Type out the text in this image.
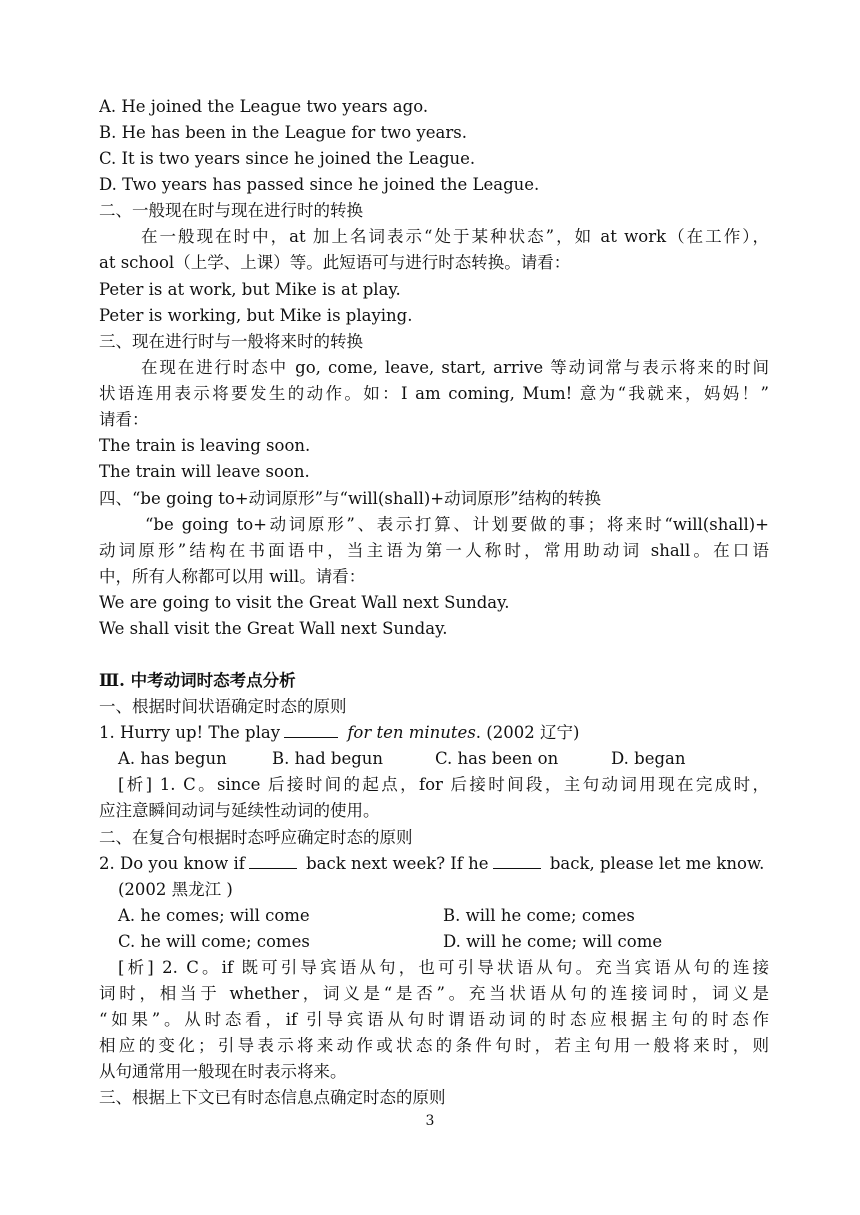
A. He joined the League two years ago.
B. He has been in the League for two years.
C. It is two years since he joined the League.
D. Two years has passed since he joined the League.
二、一般现在时与现在进行时的转换
在一般现在时中，at 加上名词表示“处于某种状态”，如 at work（在工作），
at school（上学、上课）等。此短语可与进行时态转换。请看：
Peter is at work, but Mike is at play.
Peter is working, but Mike is playing.
三、现在进行时与一般将来时的转换
在现在进行时态中 go, come, leave, start, arrive 等动词常与表示将来的时间
状语连用表示将要发生的动作。如：I am coming, Mum! 意为“我就来，妈妈！”
请看：
The train is leaving soon.
The train will leave soon.
四、“be going to+动词原形”与“will(shall)+动词原形”结构的转换
“be going to+动词原形”、表示打算、计划要做的事；将来时“will(shall)+
动词原形”结构在书面语中，当主语为第一人称时，常用助动词 shall。在口语
中，所有人称都可以用 will。请看：
We are going to visit the Great Wall next Sunday.
We shall visit the Great Wall next Sunday.
Ⅲ. 中考动词时态考点分析
一、根据时间状语确定时态的原则
1. Hurry up! The play	for ten minutes. (2002 辽宁)
A. has begun	B. had begun	C. has been on	D. began
[析] 1. C。since 后接时间的起点，for 后接时间段，主句动词用现在完成时，
应注意瞬间动词与延续性动词的使用。
二、在复合句根据时态呼应确定时态的原则
2. Do you know if	back next week? If he	back, please let me know.
(2002 黑龙江 )
A. he comes; will come	B. will he come; comes
C. he will come; comes	D. will he come; will come
[析] 2. C。if 既可引导宾语从句，也可引导状语从句。充当宾语从句的连接
词时，相当于 whether，词义是“是否”。充当状语从句的连接词时，词义是
“如果”。从时态看，if 引导宾语从句时谓语动词的时态应根据主句的时态作
相应的变化；引导表示将来动作或状态的条件句时，若主句用一般将来时，则
从句通常用一般现在时表示将来。
三、根据上下文已有时态信息点确定时态的原则
3
